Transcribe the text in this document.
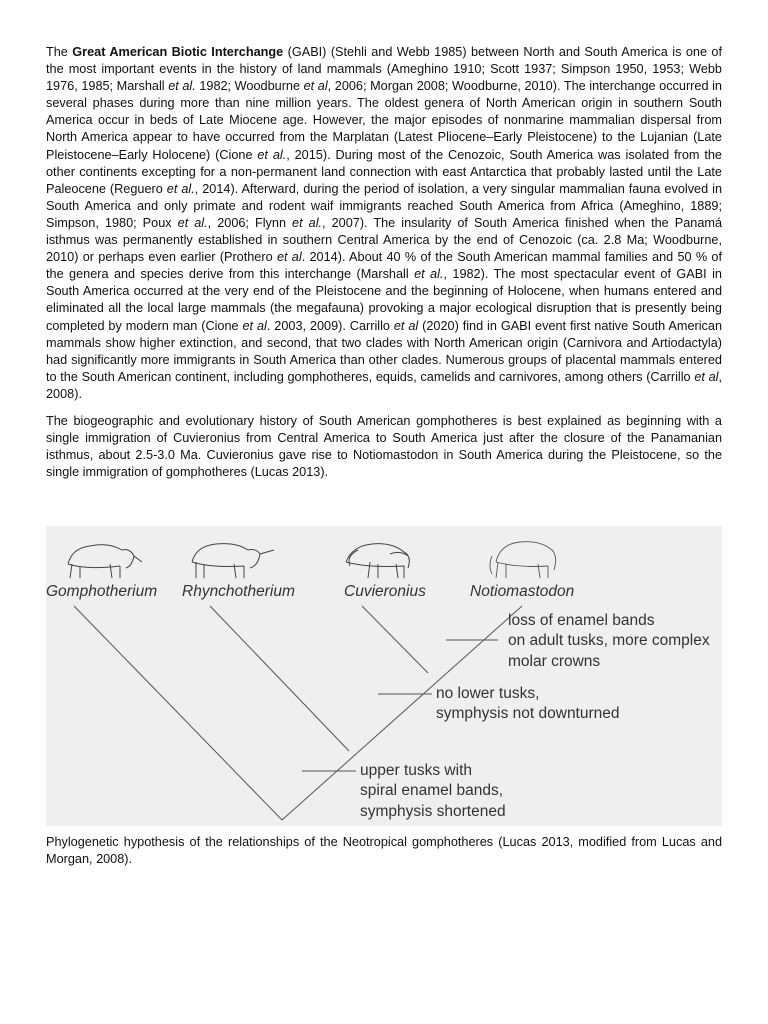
The Great American Biotic Interchange (GABI) (Stehli and Webb 1985) between North and South America is one of the most important events in the history of land mammals (Ameghino 1910; Scott 1937; Simpson 1950, 1953; Webb 1976, 1985; Marshall et al. 1982; Woodburne et al, 2006; Morgan 2008; Woodburne, 2010). The interchange occurred in several phases during more than nine million years. The oldest genera of North American origin in southern South America occur in beds of Late Miocene age. However, the major episodes of nonmarine mammalian dispersal from North America appear to have occurred from the Marplatan (Latest Pliocene–Early Pleistocene) to the Lujanian (Late Pleistocene–Early Holocene) (Cione et al., 2015). During most of the Cenozoic, South America was isolated from the other continents excepting for a non-permanent land connection with east Antarctica that probably lasted until the Late Paleocene (Reguero et al., 2014). Afterward, during the period of isolation, a very singular mammalian fauna evolved in South America and only primate and rodent waif immigrants reached South America from Africa (Ameghino, 1889; Simpson, 1980; Poux et al., 2006; Flynn et al., 2007). The insularity of South America finished when the Panamá isthmus was permanently established in southern Central America by the end of Cenozoic (ca. 2.8 Ma; Woodburne, 2010) or perhaps even earlier (Prothero et al. 2014). About 40 % of the South American mammal families and 50 % of the genera and species derive from this interchange (Marshall et al., 1982). The most spectacular event of GABI in South America occurred at the very end of the Pleistocene and the beginning of Holocene, when humans entered and eliminated all the local large mammals (the megafauna) provoking a major ecological disruption that is presently being completed by modern man (Cione et al. 2003, 2009). Carrillo et al (2020) find in GABI event first native South American mammals show higher extinction, and second, that two clades with North American origin (Carnivora and Artiodactyla) had significantly more immigrants in South America than other clades. Numerous groups of placental mammals entered to the South American continent, including gomphotheres, equids, camelids and carnivores, among others (Carrillo et al, 2008).

The biogeographic and evolutionary history of South American gomphotheres is best explained as beginning with a single immigration of Cuvieronius from Central America to South America just after the closure of the Panamanian isthmus, about 2.5-3.0 Ma. Cuvieronius gave rise to Notiomastodon in South America during the Pleistocene, so the single immigration of gomphotheres (Lucas 2013).

Gomphotherium Rhynchotherium	Cuvieronius	Notiomastodon
loss of enamel bands
on adult tusks, more complex
molar crowns
no lower tusks,
symphysis not downturned
upper tusks with
spiral enamel bands,
symphysis shortened

Phylogenetic hypothesis of the relationships of the Neotropical gomphotheres (Lucas 2013, modified from Lucas and Morgan, 2008).
